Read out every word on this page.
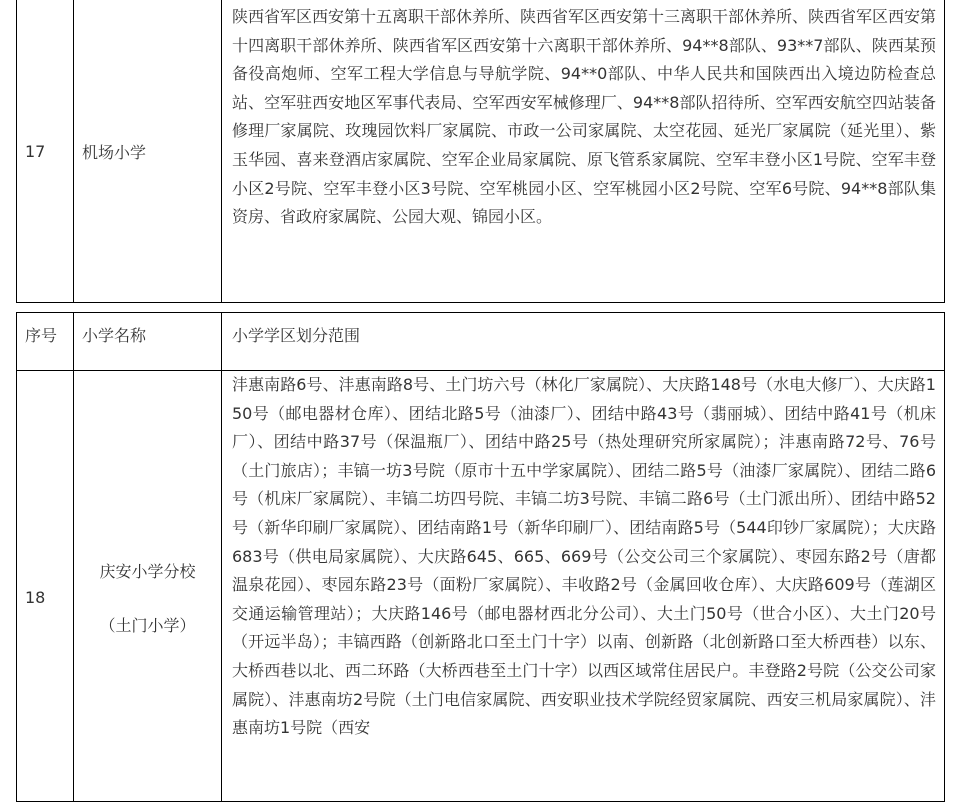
17 机场小学
陕西省军区西安第十五离职干部休养所、陕西省军区西安第十三离职干部休养所、陕西省军区西安第十四离职干部休养所、陕西省军区西安第十六离职干部休养所、94**8部队、93**7部队、陕西某预备役高炮师、空军工程大学信息与导航学院、94**0部队、中华人民共和国陕西出入境边防检查总站、空军驻西安地区军事代表局、空军西安军械修理厂、94**8部队招待所、空军西安航空四站装备修理厂家属院、玫瑰园饮料厂家属院、市政一公司家属院、太空花园、延光厂家属院（延光里）、紫玉华园、喜来登酒店家属院、空军企业局家属院、原飞管系家属院、空军丰登小区1号院、空军丰登小区2号院、空军丰登小区3号院、空军桃园小区、空军桃园小区2号院、空军6号院、94**8部队集资房、省政府家属院、公园大观、锦园小区。
序号 小学名称	小学学区划分范围
18
庆安小学分校
（土门小学）
沣惠南路6号、沣惠南路8号、土门坊六号（林化厂家属院）、大庆路148号（水电大修厂）、大庆路150号（邮电器材仓库）、团结北路5号（油漆厂）、团结中路43号（翡丽城）、团结中路41号（机床厂）、团结中路37号（保温瓶厂）、团结中路25号（热处理研究所家属院）；沣惠南路72号、76号（土门旅店）；丰镐一坊3号院（原市十五中学家属院）、团结二路5号（油漆厂家属院）、团结二路6号（机床厂家属院）、丰镐二坊四号院、丰镐二坊3号院、丰镐二路6号（土门派出所）、团结中路52号（新华印刷厂家属院）、团结南路1号（新华印刷厂）、团结南路5号（544印钞厂家属院）；大庆路683号（供电局家属院）、大庆路645、665、669号（公交公司三个家属院）、枣园东路2号（唐都温泉花园）、枣园东路23号（面粉厂家属院）、丰收路2号（金属回收仓库）、大庆路609号（莲湖区交通运输管理站）；大庆路146号（邮电器材西北分公司）、大土门50号（世合小区）、大土门20号（开远半岛）；丰镐西路（创新路北口至土门十字）以南、创新路（北创新路口至大桥西巷）以东、大桥西巷以北、西二环路（大桥西巷至土门十字）以西区域常住居民户。丰登路2号院（公交公司家属院）、沣惠南坊2号院（土门电信家属院、西安职业技术学院经贸家属院、西安三机局家属院）、沣惠南坊1号院（西安
